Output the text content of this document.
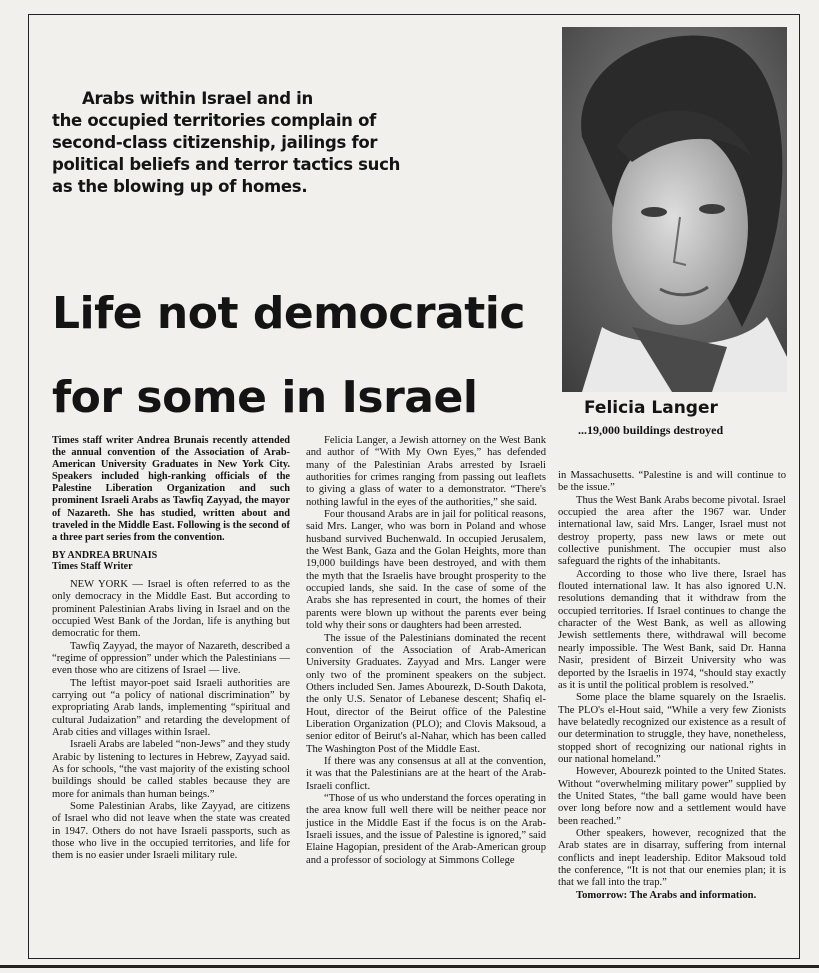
Arabs within Israel and in
the occupied territories complain of
second-class citizenship, jailings for
political beliefs and terror tactics such
as the blowing up of homes.
Life not democratic
for some in Israel	Felicia Langer
...19,000 buildings destroyed

Times staff writer Andrea Brunais recently attended the annual convention of the Association of Arab-American University Graduates in New York City. Speakers included high-ranking officials of the Palestine Liberation Organization and such prominent Israeli Arabs as Tawfiq Zayyad, the mayor of Nazareth. She has studied, written about and traveled in the Middle East. Following is the second of a three part series from the convention.

BY ANDREA BRUNAIS
Times Staff Writer

NEW YORK — Israel is often referred to as the only democracy in the Middle East. But according to prominent Palestinian Arabs living in Israel and on the occupied West Bank of the Jordan, life is anything but democratic for them.

Tawfiq Zayyad, the mayor of Nazareth, described a “regime of oppression” under which the Palestinians — even those who are citizens of Israel — live.

The leftist mayor-poet said Israeli authorities are carrying out “a policy of national discrimination” by expropriating Arab lands, implementing “spiritual and cultural Judaization” and retarding the development of Arab cities and villages within Israel.

Israeli Arabs are labeled “non-Jews” and they study Arabic by listening to lectures in Hebrew, Zayyad said. As for schools, “the vast majority of the existing school buildings should be called stables because they are more for animals than human beings.”

Some Palestinian Arabs, like Zayyad, are citizens of Israel who did not leave when the state was created in 1947. Others do not have Israeli passports, such as those who live in the occupied territories, and life for them is no easier under Israeli military rule.

Felicia Langer, a Jewish attorney on the West Bank and author of “With My Own Eyes,” has defended many of the Palestinian Arabs arrested by Israeli authorities for crimes ranging from passing out leaflets to giving a glass of water to a demonstrator. “There's nothing lawful in the eyes of the authorities,” she said.

Four thousand Arabs are in jail for political reasons, said Mrs. Langer, who was born in Poland and whose husband survived Buchenwald. In occupied Jerusalem, the West Bank, Gaza and the Golan Heights, more than 19,000 buildings have been destroyed, and with them the myth that the Israelis have brought prosperity to the occupied lands, she said. In the case of some of the Arabs she has represented in court, the homes of their parents were blown up without the parents ever being told why their sons or daughters had been arrested.

The issue of the Palestinians dominated the recent convention of the Association of Arab-American University Graduates. Zayyad and Mrs. Langer were only two of the prominent speakers on the subject. Others included Sen. James Abourezk, D-South Dakota, the only U.S. Senator of Lebanese descent; Shafiq el-Hout, director of the Beirut office of the Palestine Liberation Organization (PLO); and Clovis Maksoud, a senior editor of Beirut's al-Nahar, which has been called The Washington Post of the Middle East.

If there was any consensus at all at the convention, it was that the Palestinians are at the heart of the Arab-Israeli conflict.

“Those of us who understand the forces operating in the area know full well there will be neither peace nor justice in the Middle East if the focus is on the Arab-Israeli issues, and the issue of Palestine is ignored,” said Elaine Hagopian, president of the Arab-American group and a professor of sociology at Simmons College

in Massachusetts. “Palestine is and will continue to be the issue.”

Thus the West Bank Arabs become pivotal. Israel occupied the area after the 1967 war. Under international law, said Mrs. Langer, Israel must not destroy property, pass new laws or mete out collective punishment. The occupier must also safeguard the rights of the inhabitants.

According to those who live there, Israel has flouted international law. It has also ignored U.N. resolutions demanding that it withdraw from the occupied territories. If Israel continues to change the character of the West Bank, as well as allowing Jewish settlements there, withdrawal will become nearly impossible. The West Bank, said Dr. Hanna Nasir, president of Birzeit University who was deported by the Israelis in 1974, “should stay exactly as it is until the political problem is resolved.”

Some place the blame squarely on the Israelis. The PLO's el-Hout said, “While a very few Zionists have belatedly recognized our existence as a result of our determination to struggle, they have, nonetheless, stopped short of recognizing our national rights in our national homeland.”

However, Abourezk pointed to the United States. Without “overwhelming military power” supplied by the United States, “the ball game would have been over long before now and a settlement would have been reached.”

Other speakers, however, recognized that the Arab states are in disarray, suffering from internal conflicts and inept leadership. Editor Maksoud told the conference, “It is not that our enemies plan; it is that we fall into the trap.”

Tomorrow: The Arabs and information.
